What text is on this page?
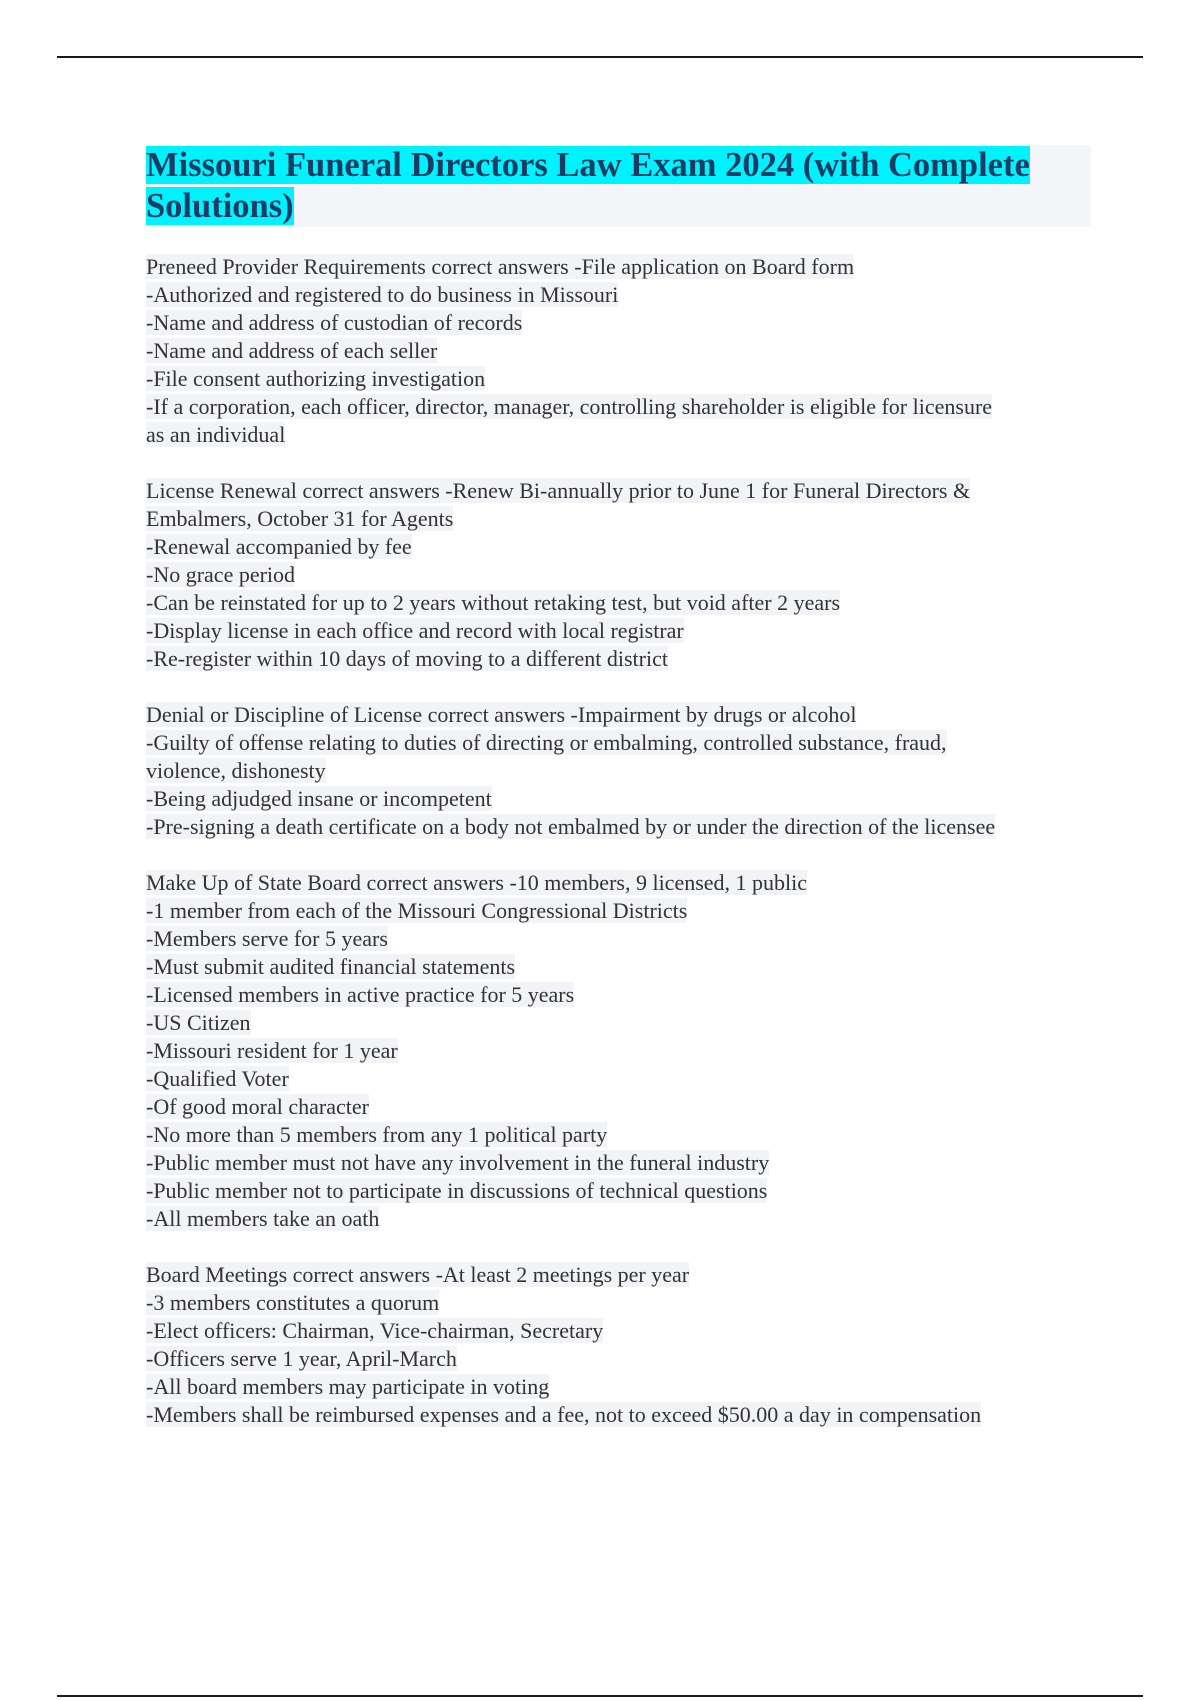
Missouri Funeral Directors Law Exam 2024 (with Complete Solutions)
Preneed Provider Requirements correct answers -File application on Board form
-Authorized and registered to do business in Missouri
-Name and address of custodian of records
-Name and address of each seller
-File consent authorizing investigation
-If a corporation, each officer, director, manager, controlling shareholder is eligible for licensure
as an individual
License Renewal correct answers -Renew Bi-annually prior to June 1 for Funeral Directors &
Embalmers, October 31 for Agents
-Renewal accompanied by fee
-No grace period
-Can be reinstated for up to 2 years without retaking test, but void after 2 years
-Display license in each office and record with local registrar
-Re-register within 10 days of moving to a different district
Denial or Discipline of License correct answers -Impairment by drugs or alcohol
-Guilty of offense relating to duties of directing or embalming, controlled substance, fraud,
violence, dishonesty
-Being adjudged insane or incompetent
-Pre-signing a death certificate on a body not embalmed by or under the direction of the licensee
Make Up of State Board correct answers -10 members, 9 licensed, 1 public
-1 member from each of the Missouri Congressional Districts
-Members serve for 5 years
-Must submit audited financial statements
-Licensed members in active practice for 5 years
-US Citizen
-Missouri resident for 1 year
-Qualified Voter
-Of good moral character
-No more than 5 members from any 1 political party
-Public member must not have any involvement in the funeral industry
-Public member not to participate in discussions of technical questions
-All members take an oath
Board Meetings correct answers -At least 2 meetings per year
-3 members constitutes a quorum
-Elect officers: Chairman, Vice-chairman, Secretary
-Officers serve 1 year, April-March
-All board members may participate in voting
-Members shall be reimbursed expenses and a fee, not to exceed $50.00 a day in compensation
